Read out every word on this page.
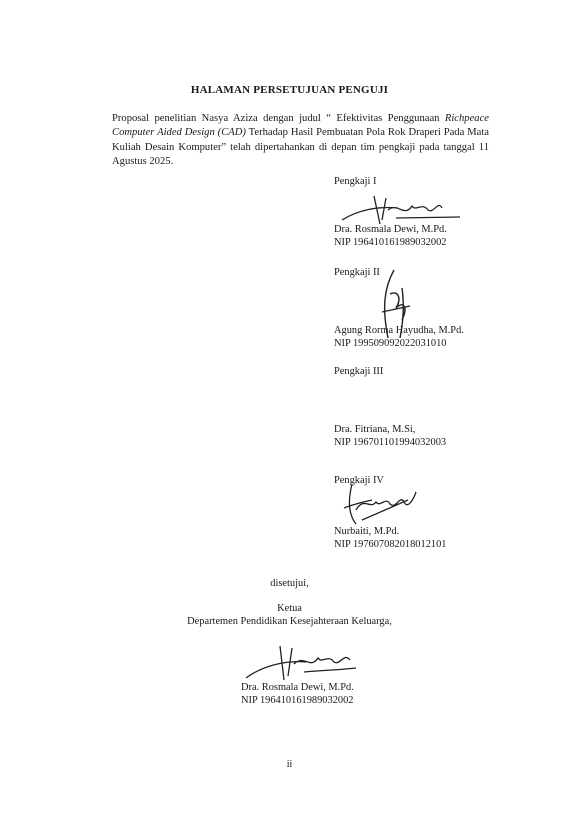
HALAMAN PERSETUJUAN PENGUJI
Proposal penelitian Nasya Aziza dengan judul “ Efektivitas Penggunaan Richpeace Computer Aided Design (CAD) Terhadap Hasil Pembuatan Pola Rok Draperi Pada Mata Kuliah Desain Komputer” telah dipertahankan di depan tim pengkaji pada tanggal 11 Agustus 2025.
Pengkaji I
Dra. Rosmala Dewi, M.Pd.
NIP 196410161989032002
Pengkaji II
Agung Rorma Hayudha, M.Pd.
NIP 199509092022031010
Pengkaji III
Dra. Fitriana, M.Si,
NIP 196701101994032003
Pengkaji IV
Nurbaiti, M.Pd.
NIP 197607082018012101
disetujui,
Ketua
Departemen Pendidikan Kesejahteraan Keluarga,
Dra. Rosmala Dewi, M.Pd.
NIP 196410161989032002
ii
